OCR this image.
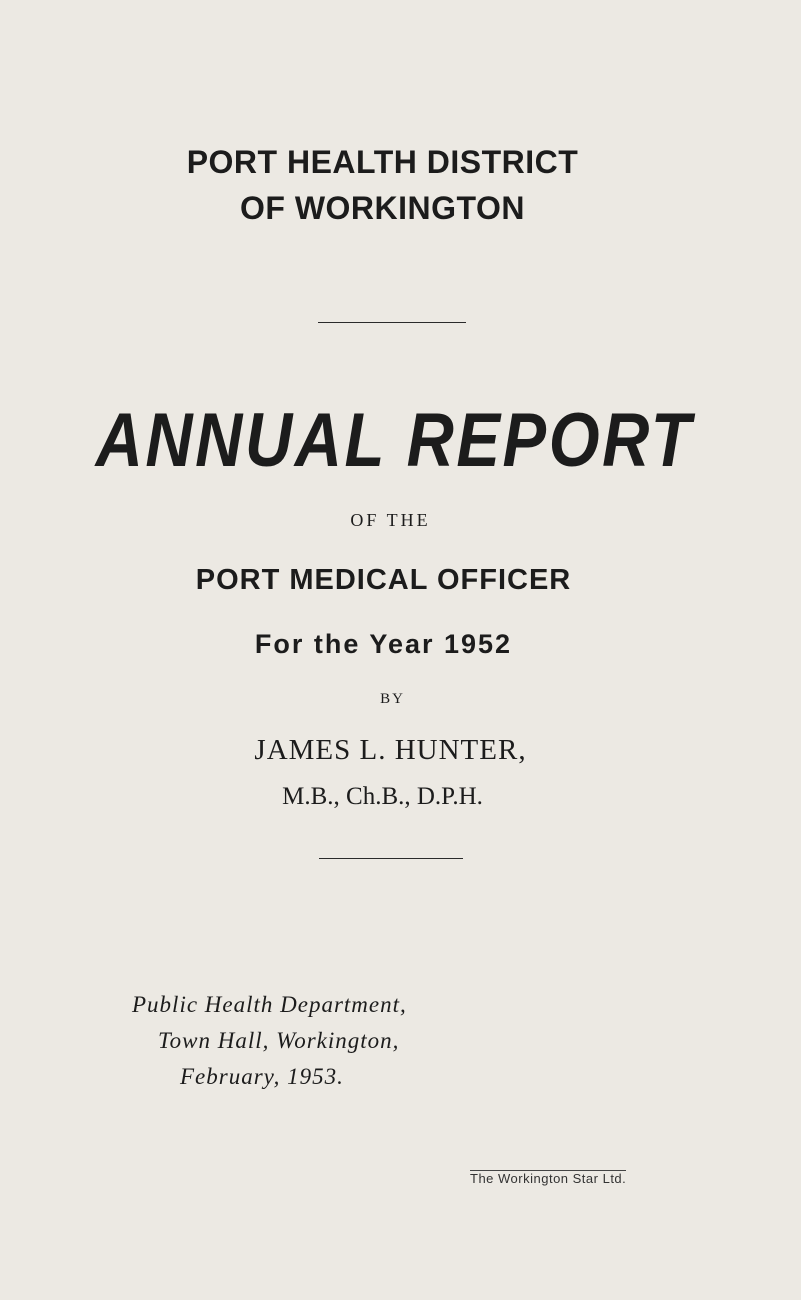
PORT HEALTH DISTRICT
OF WORKINGTON
ANNUAL REPORT
OF THE
PORT MEDICAL OFFICER
For the Year 1952
BY
JAMES L. HUNTER,
M.B., Ch.B., D.P.H.
Public Health Department,
Town Hall, Workington,
February, 1953.
The Workington Star Ltd.
